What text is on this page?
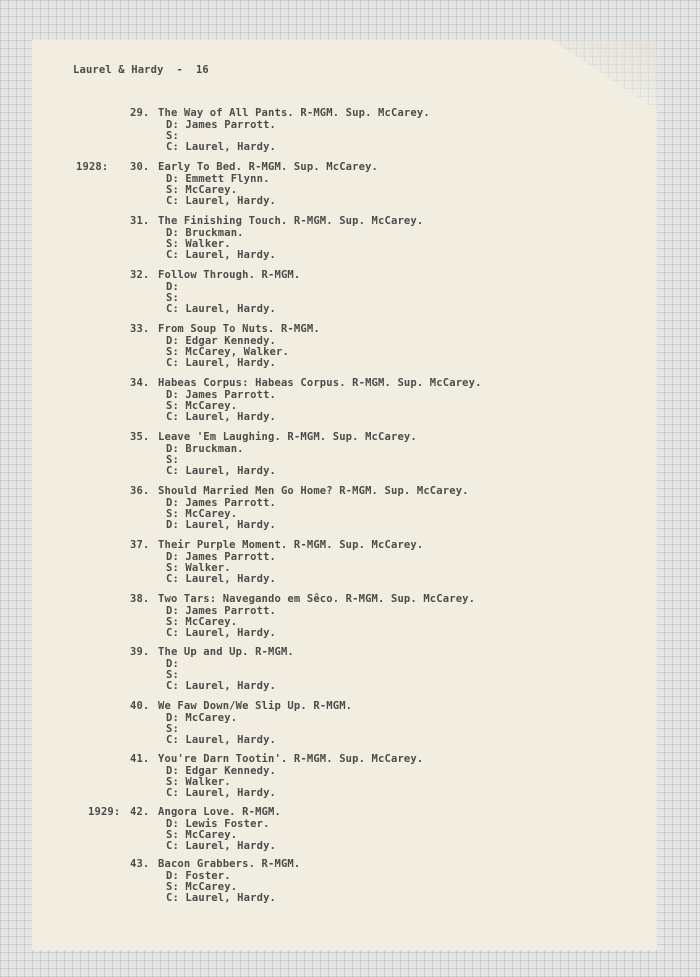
Laurel & Hardy  -  16
29. The Way of All Pants. R-MGM. Sup. McCarey.
D: James Parrott.
S:
C: Laurel, Hardy.
1928: 30. Early To Bed. R-MGM. Sup. McCarey.
D: Emmett Flynn.
S: McCarey.
C: Laurel, Hardy.
31. The Finishing Touch. R-MGM. Sup. McCarey.
D: Bruckman.
S: Walker.
C: Laurel, Hardy.
32. Follow Through. R-MGM.
D:
S:
C: Laurel, Hardy.
33. From Soup To Nuts. R-MGM.
D: Edgar Kennedy.
S: McCarey, Walker.
C: Laurel, Hardy.
34. Habeas Corpus: Habeas Corpus. R-MGM. Sup. McCarey.
D: James Parrott.
S: McCarey.
C: Laurel, Hardy.
35. Leave 'Em Laughing. R-MGM. Sup. McCarey.
D: Bruckman.
S:
C: Laurel, Hardy.
36. Should Married Men Go Home? R-MGM. Sup. McCarey.
D: James Parrott.
S: McCarey.
D: Laurel, Hardy.
37. Their Purple Moment. R-MGM. Sup. McCarey.
D: James Parrott.
S: Walker.
C: Laurel, Hardy.
38. Two Tars: Navegando em Sêco. R-MGM. Sup. McCarey.
D: James Parrott.
S: McCarey.
C: Laurel, Hardy.
39. The Up and Up. R-MGM.
D:
S:
C: Laurel, Hardy.
40. We Faw Down/We Slip Up. R-MGM.
D: McCarey.
S:
C: Laurel, Hardy.
41. You're Darn Tootin'. R-MGM. Sup. McCarey.
D: Edgar Kennedy.
S: Walker.
C: Laurel, Hardy.
1929: 42. Angora Love. R-MGM.
D: Lewis Foster.
S: McCarey.
C: Laurel, Hardy.
43. Bacon Grabbers. R-MGM.
D: Foster.
S: McCarey.
C: Laurel, Hardy.
